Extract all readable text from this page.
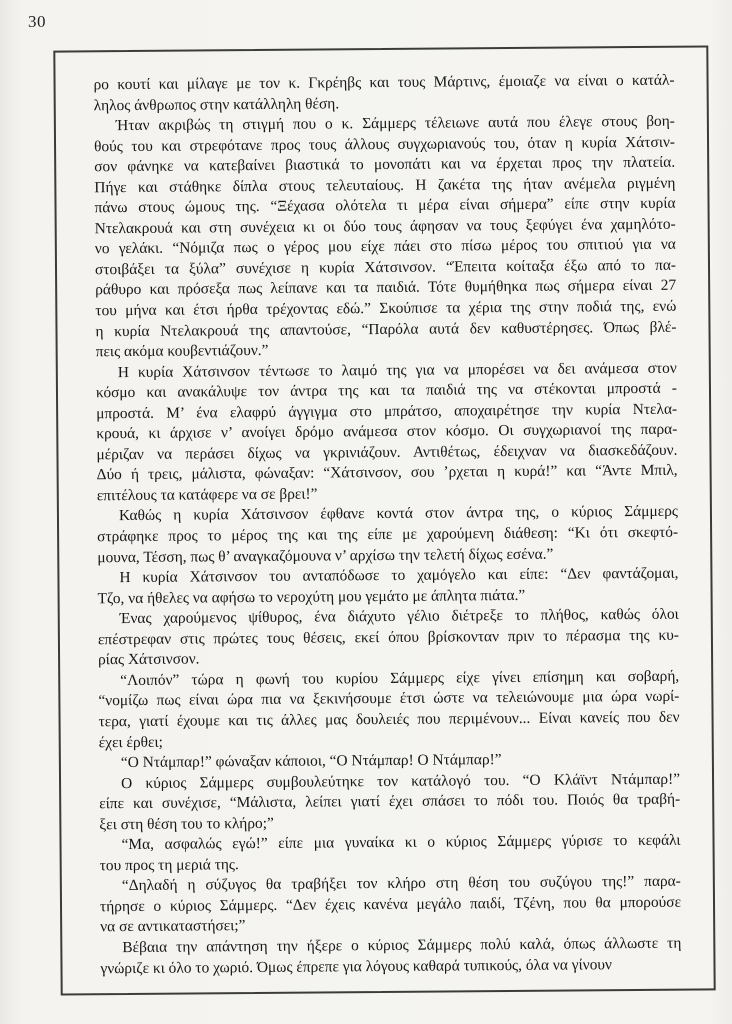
30
ρο κουτί και μίλαγε με τον κ. Γκρέηβς και τους Μάρτινς, έμοιαζε να είναι ο κατάλ-
ληλος άνθρωπος στην κατάλληλη θέση.
Ήταν ακριβώς τη στιγμή που ο κ. Σάμμερς τέλειωνε αυτά που έλεγε στους βοη-
θούς του και στρεφότανε προς τους άλλους συγχωριανούς του, όταν η κυρία Χάτσιν-
σον φάνηκε να κατεβαίνει βιαστικά το μονοπάτι και να έρχεται προς την πλατεία.
Πήγε και στάθηκε δίπλα στους τελευταίους. Η ζακέτα της ήταν ανέμελα ριγμένη
πάνω στους ώμους της. “Ξέχασα ολότελα τι μέρα είναι σήμερα” είπε στην κυρία
Ντελακρουά και στη συνέχεια κι οι δύο τους άφησαν να τους ξεφύγει ένα χαμηλότο-
νο γελάκι. “Νόμιζα πως ο γέρος μου είχε πάει στο πίσω μέρος του σπιτιού για να
στοιβάξει τα ξύλα” συνέχισε η κυρία Χάτσινσον. “Έπειτα κοίταξα έξω από το πα-
ράθυρο και πρόσεξα πως λείπανε και τα παιδιά. Τότε θυμήθηκα πως σήμερα είναι 27
του μήνα και έτσι ήρθα τρέχοντας εδώ.” Σκούπισε τα χέρια της στην ποδιά της, ενώ
η κυρία Ντελακρουά της απαντούσε, “Παρόλα αυτά δεν καθυστέρησες. Όπως βλέ-
πεις ακόμα κουβεντιάζουν.”
Η κυρία Χάτσινσον τέντωσε το λαιμό της για να μπορέσει να δει ανάμεσα στον
κόσμο και ανακάλυψε τον άντρα της και τα παιδιά της να στέκονται μπροστά -
μπροστά. Μ’ ένα ελαφρύ άγγιγμα στο μπράτσο, αποχαιρέτησε την κυρία Ντελα-
κρουά, κι άρχισε ν’ ανοίγει δρόμο ανάμεσα στον κόσμο. Οι συγχωριανοί της παρα-
μέριζαν να περάσει δίχως να γκρινιάζουν. Αντιθέτως, έδειχναν να διασκεδάζουν.
Δύο ή τρεις, μάλιστα, φώναξαν: “Χάτσινσον, σου ’ρχεται η κυρά!” και “Άντε Μπιλ,
επιτέλους τα κατάφερε να σε βρει!”
Καθώς η κυρία Χάτσινσον έφθανε κοντά στον άντρα της, ο κύριος Σάμμερς
στράφηκε προς το μέρος της και της είπε με χαρούμενη διάθεση: “Κι ότι σκεφτό-
μουνα, Τέσση, πως θ’ αναγκαζόμουνα ν’ αρχίσω την τελετή δίχως εσένα.”
Η κυρία Χάτσινσον του ανταπόδωσε το χαμόγελο και είπε: “Δεν φαντάζομαι,
Τζο, να ήθελες να αφήσω το νεροχύτη μου γεμάτο με άπλητα πιάτα.”
Ένας χαρούμενος ψίθυρος, ένα διάχυτο γέλιο διέτρεξε το πλήθος, καθώς όλοι
επέστρεφαν στις πρώτες τους θέσεις, εκεί όπου βρίσκονταν πριν το πέρασμα της κυ-
ρίας Χάτσινσον.
“Λοιπόν” τώρα η φωνή του κυρίου Σάμμερς είχε γίνει επίσημη και σοβαρή,
“νομίζω πως είναι ώρα πια να ξεκινήσουμε έτσι ώστε να τελειώνουμε μια ώρα νωρί-
τερα, γιατί έχουμε και τις άλλες μας δουλειές που περιμένουν... Είναι κανείς που δεν
έχει έρθει;
“Ο Ντάμπαρ!” φώναξαν κάποιοι, “Ο Ντάμπαρ! Ο Ντάμπαρ!”
Ο κύριος Σάμμερς συμβουλεύτηκε τον κατάλογό του. “Ο Κλάϊντ Ντάμπαρ!”
είπε και συνέχισε, “Μάλιστα, λείπει γιατί έχει σπάσει το πόδι του. Ποιός θα τραβή-
ξει στη θέση του το κλήρο;”
“Μα, ασφαλώς εγώ!” είπε μια γυναίκα κι ο κύριος Σάμμερς γύρισε το κεφάλι
του προς τη μεριά της.
“Δηλαδή η σύζυγος θα τραβήξει τον κλήρο στη θέση του συζύγου της!” παρα-
τήρησε ο κύριος Σάμμερς. “Δεν έχεις κανένα μεγάλο παιδί, Τζένη, που θα μπορούσε
να σε αντικαταστήσει;”
Βέβαια την απάντηση την ήξερε ο κύριος Σάμμερς πολύ καλά, όπως άλλωστε τη
γνώριζε κι όλο το χωριό. Όμως έπρεπε για λόγους καθαρά τυπικούς, όλα να γίνουν
